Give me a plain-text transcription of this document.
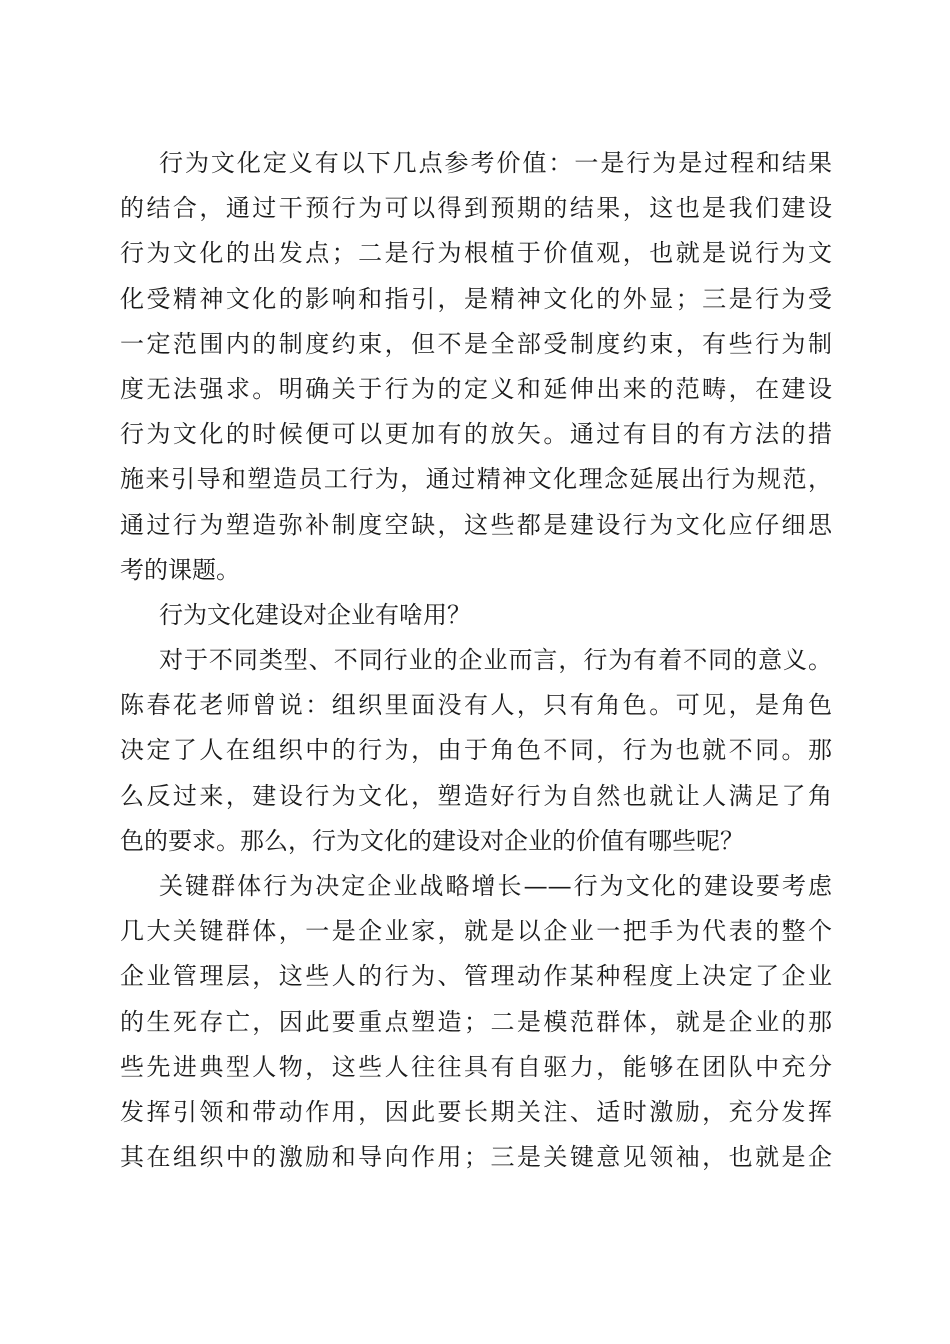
行为文化定义有以下几点参考价值：一是行为是过程和结果
的结合，通过干预行为可以得到预期的结果，这也是我们建设
行为文化的出发点；二是行为根植于价值观，也就是说行为文
化受精神文化的影响和指引，是精神文化的外显；三是行为受
一定范围内的制度约束，但不是全部受制度约束，有些行为制
度无法强求。明确关于行为的定义和延伸出来的范畴，在建设
行为文化的时候便可以更加有的放矢。通过有目的有方法的措
施来引导和塑造员工行为，通过精神文化理念延展出行为规范，
通过行为塑造弥补制度空缺，这些都是建设行为文化应仔细思
考的课题。
行为文化建设对企业有啥用？
对于不同类型、不同行业的企业而言，行为有着不同的意义。
陈春花老师曾说：组织里面没有人，只有角色。可见，是角色
决定了人在组织中的行为，由于角色不同，行为也就不同。那
么反过来，建设行为文化，塑造好行为自然也就让人满足了角
色的要求。那么，行为文化的建设对企业的价值有哪些呢？
关键群体行为决定企业战略增长——行为文化的建设要考虑
几大关键群体，一是企业家，就是以企业一把手为代表的整个
企业管理层，这些人的行为、管理动作某种程度上决定了企业
的生死存亡，因此要重点塑造；二是模范群体，就是企业的那
些先进典型人物，这些人往往具有自驱力，能够在团队中充分
发挥引领和带动作用，因此要长期关注、适时激励，充分发挥
其在组织中的激励和导向作用；三是关键意见领袖，也就是企
